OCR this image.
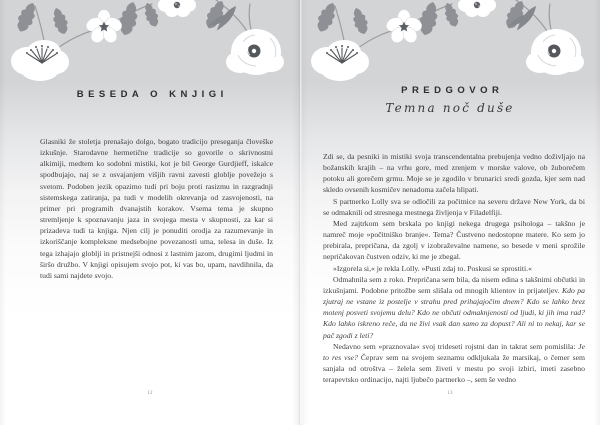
BESEDA O KNJIGI

Glasniki že stoletja prenašajo dolgo, bogato tradicijo preseganja človeške izkušnje. Starodavne hermetične tradicije so govorile o skrivnostni alkimiji, medtem ko sodobni mistiki, kot je bil George Gurdjieff, iskalce spodbujajo, naj se z osvajanjem višjih ravni zavesti globlje povežejo s svetom. Podoben jezik opazimo tudi pri boju proti rasizmu in razgradnji sistemskega zatiranja, pa tudi v modelih okrevanja od zasvojenosti, na primer pri programih dvanajstih korakov. Vsema tema je skupno stremljenje k spoznavanju jaza in svojega mesta v skupnosti, za kar si prizadeva tudi ta knjiga. Njen cilj je ponuditi orodja za razumevanje in izkoriščanje kompleksne medsebojne povezanosti uma, telesa in duše. Iz tega izhajajo globlji in pristnejši odnosi z lastnim jazom, drugimi ljudmi in širšo družbo. V knjigi opisujem svojo pot, ki vas bo, upam, navdihnila, da tudi sami najdete svojo.

12
PREDGOVOR
Temna noč duše

Zdi se, da pesniki in mistiki svoja transcendentalna prebujenja vedno doživljajo na božanskih krajih – na vrhu gore, med zrenjem v morske valove, ob žuborečem potoku ali gorečem grmu. Moje se je zgodilo v brunarici sredi gozda, kjer sem nad skledo ovsenih kosmičev nenadoma začela hlipati.

S partnerko Lolly sva se odločili za počitnice na severu države New York, da bi se odmaknili od stresnega mestnega življenja v Filadelfiji.

Med zajtrkom sem brskala po knjigi nekega drugega psihologa – takšno je namreč moje »počitniško branje«. Tema? Čustveno nedostopne matere. Ko sem jo prebirala, prepričana, da zgolj v izobraževalne namene, so besede v meni sprožile nepričakovan čustven odziv, ki me je zbegal.

»Izgorela si,« je rekla Lolly. »Pusti zdaj to. Poskusi se sprostiti.«

Odmahnila sem z roko. Prepričana sem bila, da nisem edina s takšnimi občutki in izkušnjami. Podobne pritožbe sem slišala od mnogih klientov in prijateljev. Kdo pa zjutraj ne vstane iz postelje v strahu pred prihajajočim dnem? Kdo se lahko brez motenj posveti svojemu delu? Kdo ne občuti odmaknjenosti od ljudi, ki jih ima rad? Kdo lahko iskreno reče, da ne živi vsak dan samo za dopust? Ali ni to nekaj, kar se pač zgodi z leti?

Nedavno sem »praznovala« svoj trideseti rojstni dan in takrat sem pomislila: Je to res vse? Čeprav sem na svojem seznamu odkljukala že marsikaj, o čemer sem sanjala od otroštva – želela sem živeti v mestu po svoji izbiri, imeti zasebno terapevtsko ordinacijo, najti ljubečo partnerko –, sem še vedno

13
